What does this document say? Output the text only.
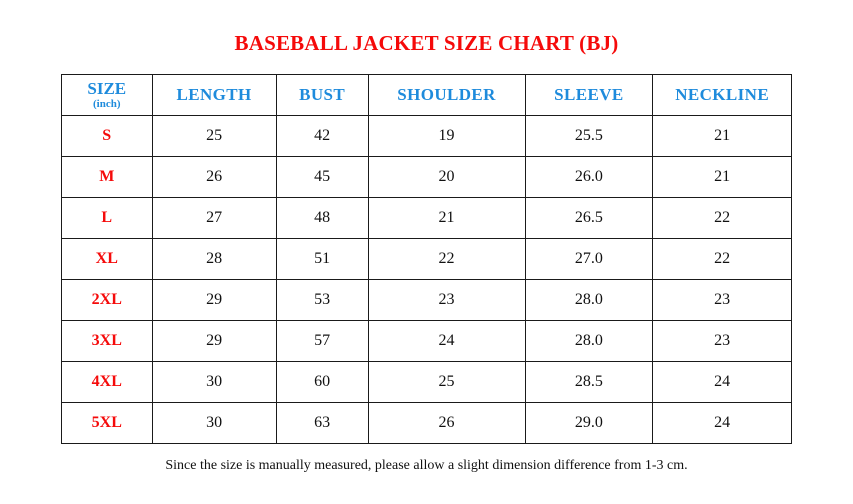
BASEBALL JACKET SIZE CHART (BJ)
SIZE
(inch)	LENGTH	BUST	SHOULDER	SLEEVE	NECKLINE
S	25	42	19	25.5	21
M	26	45	20	26.0	21
L	27	48	21	26.5	22
XL	28	51	22	27.0	22
2XL	29	53	23	28.0	23
3XL	29	57	24	28.0	23
4XL	30	60	25	28.5	24
5XL	30	63	26	29.0	24
Since the size is manually measured, please allow a slight dimension difference from 1-3 cm.
